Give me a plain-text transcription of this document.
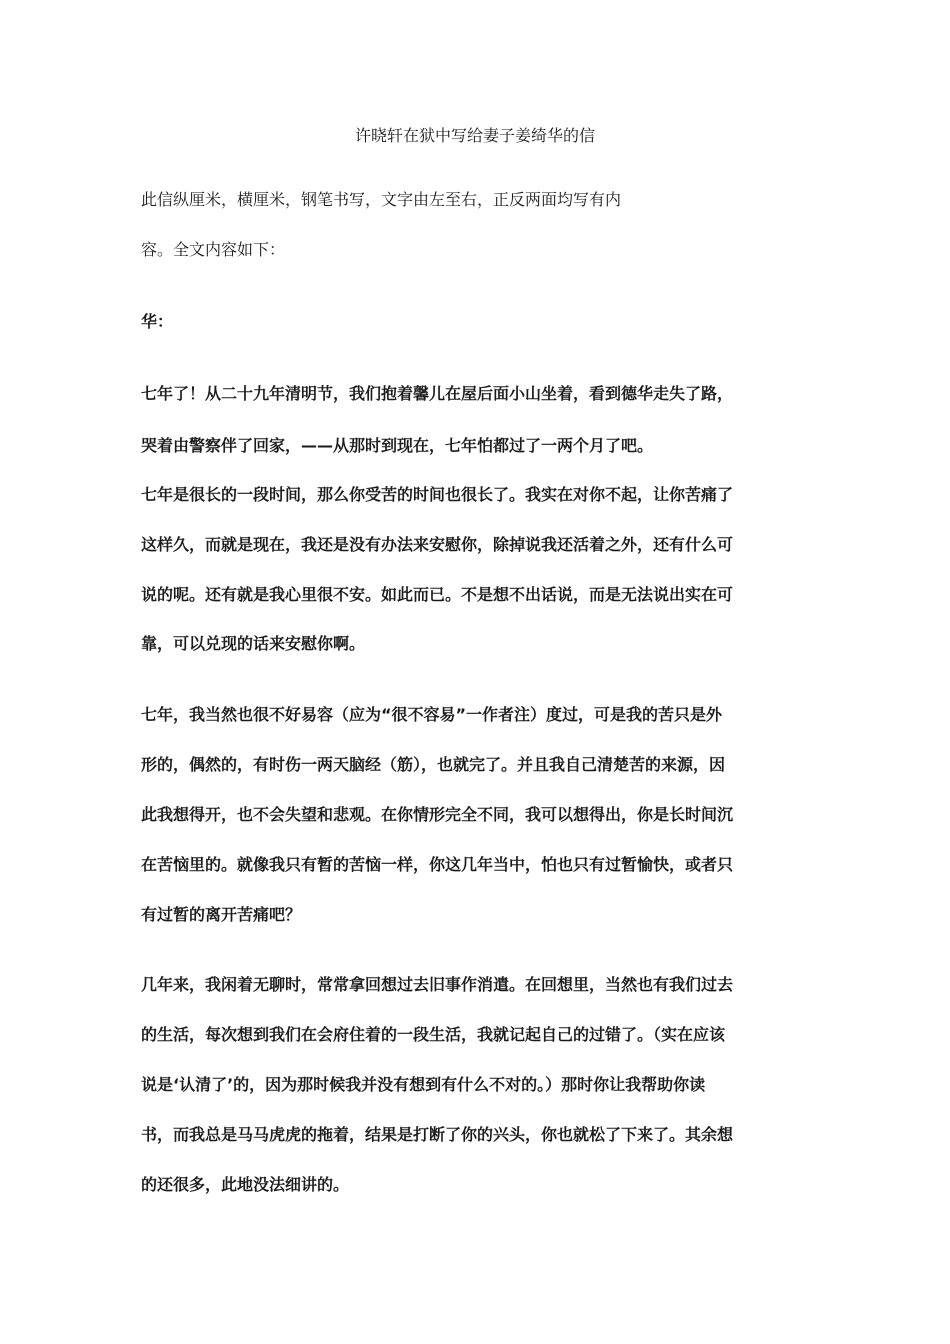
许晓轩在狱中写给妻子姜绮华的信
此信纵厘米，横厘米，钢笔书写，文字由左至右，正反两面均写有内
容。全文内容如下：
华：
七年了！从二十九年清明节，我们抱着馨儿在屋后面小山坐着，看到德华走失了路，
哭着由警察伴了回家，——从那时到现在，七年怕都过了一两个月了吧。
七年是很长的一段时间，那么你受苦的时间也很长了。我实在对你不起，让你苦痛了
这样久，而就是现在，我还是没有办法来安慰你，除掉说我还活着之外，还有什么可
说的呢。还有就是我心里很不安。如此而已。不是想不出话说，而是无法说出实在可
靠，可以兑现的话来安慰你啊。
七年，我当然也很不好易容（应为“很不容易”一作者注）度过，可是我的苦只是外
形的，偶然的，有时伤一两天脑经（筋），也就完了。并且我自己清楚苦的来源，因
此我想得开，也不会失望和悲观。在你情形完全不同，我可以想得出，你是长时间沉
在苦恼里的。就像我只有暂的苦恼一样，你这几年当中，怕也只有过暂愉快，或者只
有过暂的离开苦痛吧？
几年来，我闲着无聊时，常常拿回想过去旧事作消遣。在回想里，当然也有我们过去
的生活，每次想到我们在会府住着的一段生活，我就记起自己的过错了。（实在应该
说是‘认清了’的，因为那时候我并没有想到有什么不对的。）那时你让我帮助你读
书，而我总是马马虎虎的拖着，结果是打断了你的兴头，你也就松了下来了。其余想
的还很多，此地没法细讲的。
